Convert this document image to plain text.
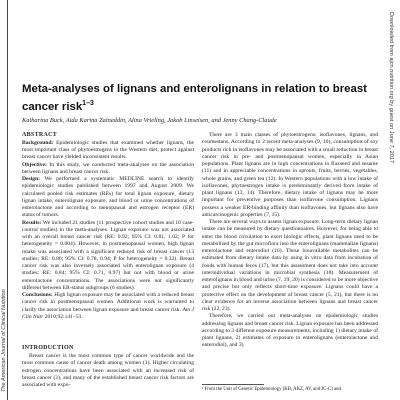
The American Journal of Clinical Nutrition
Downloaded from ajcn.nutrition.org by guest on June 7, 2017
Meta-analyses of lignans and enterolignans in relation to breast cancer risk$^{1-3}$
Katharina Buck, Aida Karina Zaineddin, Alina Vrieling, Jakob Linseisen, and Jenny Chang-Claude
ABSTRACT

Background: Epidemiologic studies that examined whether lignans, the most important class of phytoestrogens in the Western diet, protect against breast cancer have yielded inconsistent results.

Objective: In this study, we conducted meta-analyses on the association between lignans and breast cancer risk.

Design: We performed a systematic MEDLINE search to identify epidemiologic studies published between 1997 and August 2009. We calculated pooled risk estimates (REs) for total lignan exposure, dietary lignan intake, enterolignan exposure, and blood or urine concentrations of enterolactone and according to menopausal and estrogen receptor (ER) status of tumors.

Results: We included 21 studies (11 prospective cohort studies and 10 case-control studies) in the meta-analyses. Lignan exposure was not associated with an overall breast cancer risk (RE: 0.92; 95% CI: 0.81, 1.02; P for heterogeneity = 0.004). However, in postmenopausal women, high lignan intake was associated with a significant reduced risk of breast cancer (13 studies; RE: 0.86; 95% CI: 0.78, 0.94; P for heterogeneity = 0.32). Breast cancer risk was also inversely associated with enterolignan exposure (4 studies; RE: 0.84; 95% CI: 0.71, 0.97) but not with blood or urine enterolactone concentrations. The associations were not significantly different between ER-status subgroups (6 studies).

Conclusions: High lignan exposure may be associated with a reduced breast cancer risk in postmenopausal women. Additional work is warranted to clarify the association between lignan exposure and breast cancer risk. Am J Clin Nutr 2010;92:141–53.

INTRODUCTION

Breast cancer is the most common type of cancer worldwide and the most common cause of cancer death among women (1). Higher circulating estrogen concentrations have been associated with an increased risk of breast cancer (2), and many of the established breast cancer risk factors are associated with expo-

There are 3 main classes of phytoestrogens: isoflavones, lignans, and coumestans. According to 2 recent meta-analyses (9, 10), consumption of soy products rich in isoflavones may be associated with a small reduction in breast cancer risk in pre- and postmenopausal women, especially in Asian populations. Plant lignans are in high concentrations in flaxseed and sesame (11) and in appreciable concentrations in sprouts, fruits, berries, vegetables, whole grains, and green tea (12). In Western populations with a low intake of isoflavones, phytoestrogen intake is predominantly derived from intake of plant lignans (13, 14). Therefore, dietary intake of lignans may be more important for preventive purposes than isoflavone consumption. Lignans possess a weaker ER-binding affinity than isoflavones, but lignans also have anticarcinogenic properties (7, 15).

There are several ways to assess lignan exposure. Long-term dietary lignan intake can be measured by dietary questionnaires. However, for being able to enter the blood circulation to exert biologic effects, plant lignans need to be metabolized by the gut microflora into the enterolignans (mammalian lignans) enterolactone and enterodiol (16). These bioavailable metabolites can be estimated from dietary intake data by using in vitro data from incubation of foods with human feces (17), but this assessment does not take into account interindividual variations in microbial synthesis (18). Measurement of enterolignans in blood and urine (7, 19, 20) is considered to be more objective and precise but only reflects short-time exposure. Lignans could have a protective effect on the development of breast cancer (5, 21), but there is no clear evidence for an inverse association between lignans and breast cancer risk (22, 23).

Therefore, we carried out meta-analyses on epidemiologic studies addressing lignans and breast cancer risk. Lignan exposure has been addressed according to 3 different exposure measurements, including 1) dietary intake of plant lignans, 2) estimates of exposure to enterolignans (enterolactone and enterodiol), and 3)

¹ From the Unit of Genetic Epidemiology (KB, AKZ, AV, and JC-C) and
